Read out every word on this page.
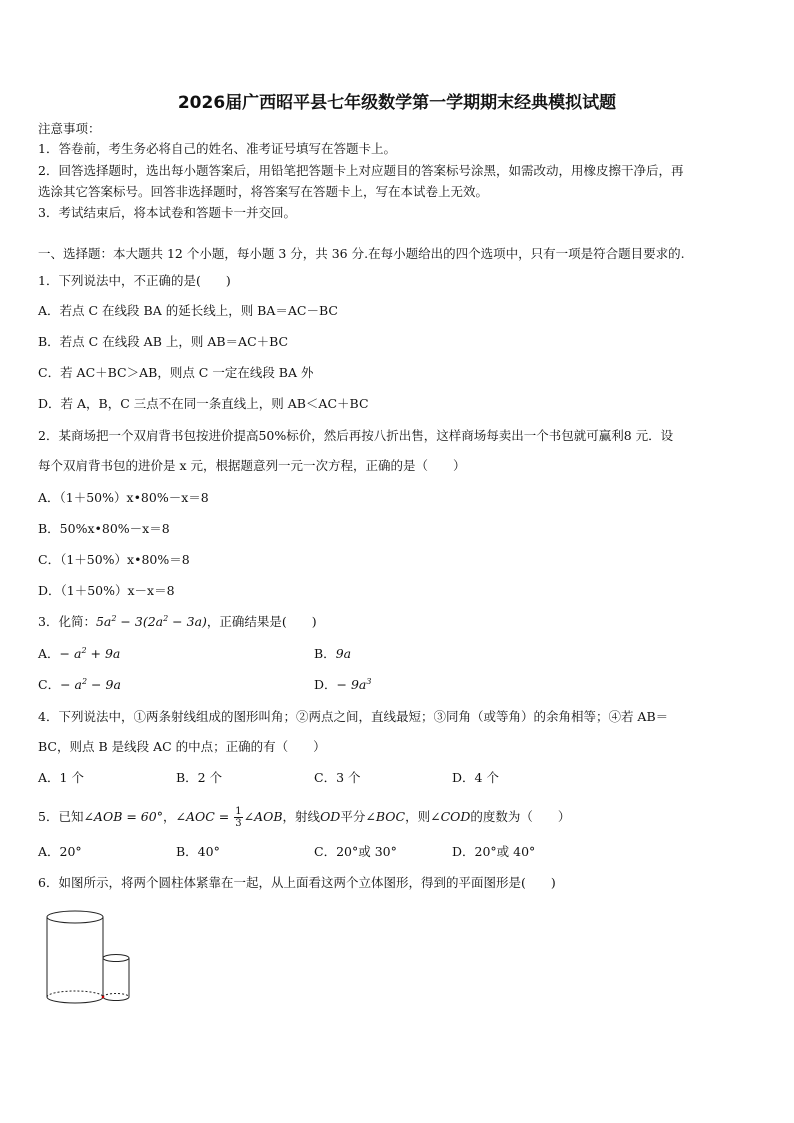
2026届广西昭平县七年级数学第一学期期末经典模拟试题
注意事项：
1．答卷前，考生务必将自己的姓名、准考证号填写在答题卡上。
2．回答选择题时，选出每小题答案后，用铅笔把答题卡上对应题目的答案标号涂黑，如需改动，用橡皮擦干净后，再
选涂其它答案标号。回答非选择题时，将答案写在答题卡上，写在本试卷上无效。
3．考试结束后，将本试卷和答题卡一并交回。
一、选择题：本大题共 12 个小题，每小题 3 分，共 36 分.在每小题给出的四个选项中，只有一项是符合题目要求的.
1．下列说法中，不正确的是(　　)
A．若点 C 在线段 BA 的延长线上，则 BA＝AC－BC
B．若点 C 在线段 AB 上，则 AB＝AC＋BC
C．若 AC＋BC＞AB，则点 C 一定在线段 BA 外
D．若 A，B，C 三点不在同一条直线上，则 AB＜AC＋BC
2．某商场把一个双肩背书包按进价提高50%标价，然后再按八折出售，这样商场每卖出一个书包就可赢利8 元．设
每个双肩背书包的进价是 x 元，根据题意列一元一次方程，正确的是（　　）
A．（1＋50%）x•80%－x＝8
B．50%x•80%－x＝8
C．（1＋50%）x•80%＝8
D．（1＋50%）x－x＝8
3．化简：$5a^2 - 3(2a^2 - 3a)$，正确结果是(　　)
A．− $a^2 + 9a$	B．9a
C．− $a^2 - 9a$	D．− $9a^3$
4．下列说法中，①两条射线组成的图形叫角；②两点之间，直线最短；③同角（或等角）的余角相等；④若 AB＝
BC，则点 B 是线段 AC 的中点；正确的有（　　）
A．1 个	B．2 个	C．3 个	D．4 个
5．已知∠AOB = 60°，∠AOC = $\frac{1}{3}$ ∠AOB，射线OD平分∠BOC，则∠COD的度数为（　　）
A．20°	B．40°	C．20°或 30°	D．20°或 40°
6．如图所示，将两个圆柱体紧靠在一起，从上面看这两个立体图形，得到的平面图形是(　　)
